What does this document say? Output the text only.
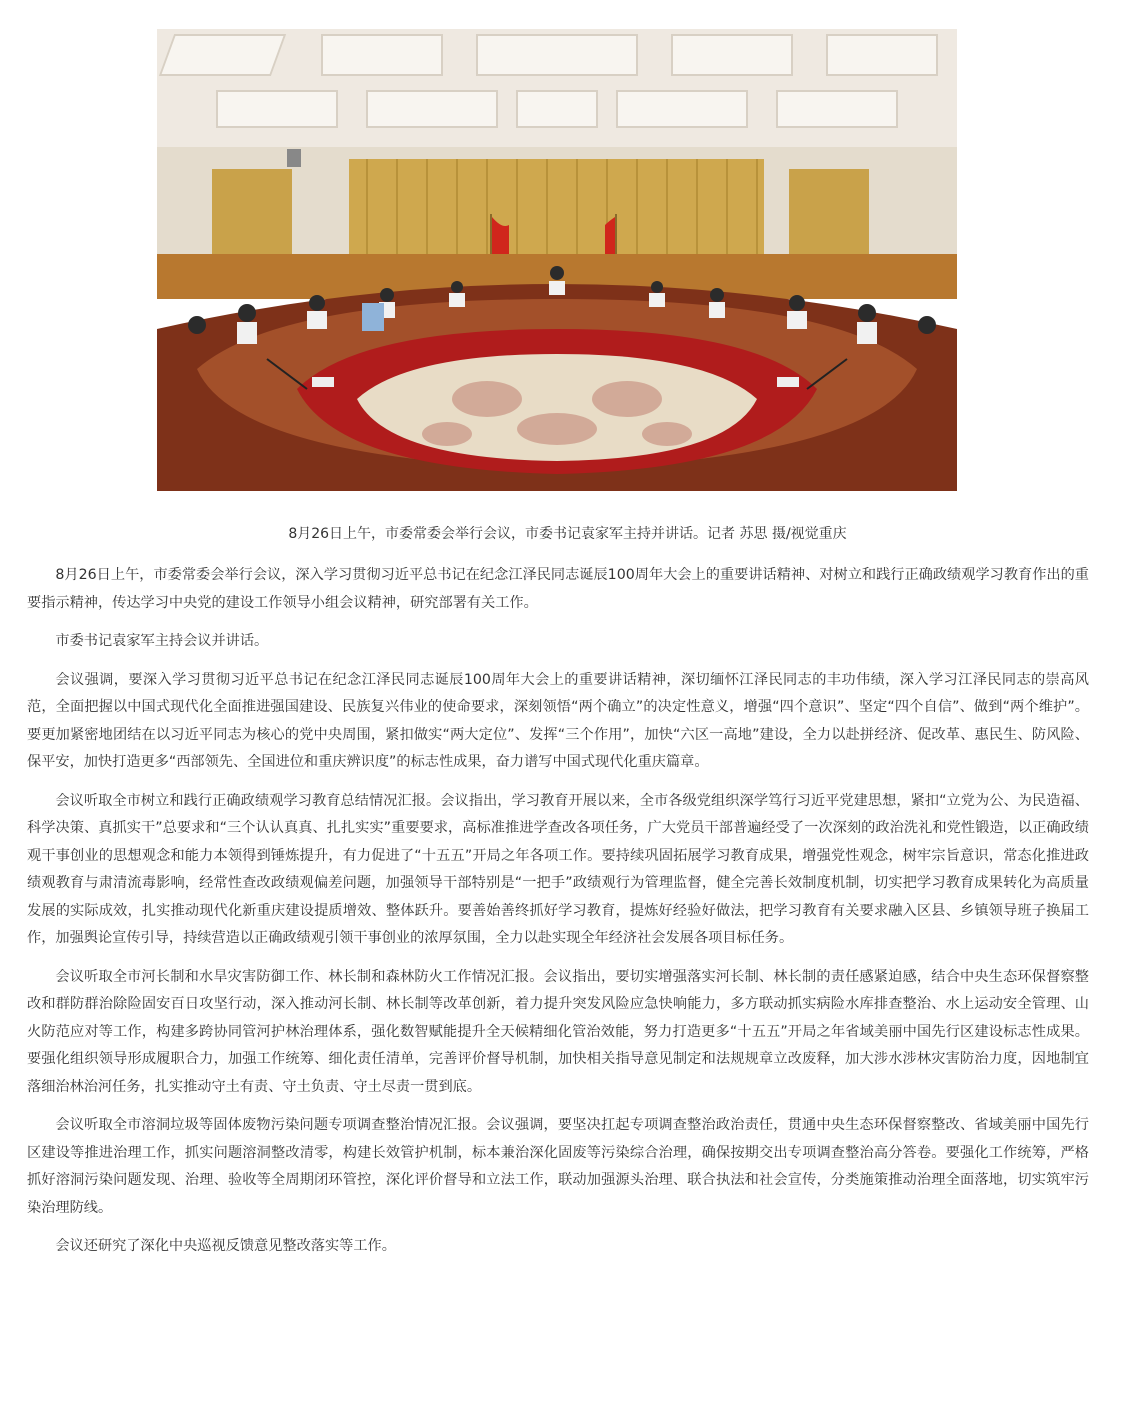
8月26日上午，市委常委会举行会议，市委书记袁家军主持并讲话。记者 苏思 摄/视觉重庆

8月26日上午，市委常委会举行会议，深入学习贯彻习近平总书记在纪念江泽民同志诞辰100周年大会上的重要讲话精神、对树立和践行正确政绩观学习教育作出的重要指示精神，传达学习中央党的建设工作领导小组会议精神，研究部署有关工作。

市委书记袁家军主持会议并讲话。

会议强调，要深入学习贯彻习近平总书记在纪念江泽民同志诞辰100周年大会上的重要讲话精神，深切缅怀江泽民同志的丰功伟绩，深入学习江泽民同志的崇高风范，全面把握以中国式现代化全面推进强国建设、民族复兴伟业的使命要求，深刻领悟“两个确立”的决定性意义，增强“四个意识”、坚定“四个自信”、做到“两个维护”。要更加紧密地团结在以习近平同志为核心的党中央周围，紧扣做实“两大定位”、发挥“三个作用”，加快“六区一高地”建设，全力以赴拼经济、促改革、惠民生、防风险、保平安，加快打造更多“西部领先、全国进位和重庆辨识度”的标志性成果，奋力谱写中国式现代化重庆篇章。

会议听取全市树立和践行正确政绩观学习教育总结情况汇报。会议指出，学习教育开展以来，全市各级党组织深学笃行习近平党建思想，紧扣“立党为公、为民造福、科学决策、真抓实干”总要求和“三个认认真真、扎扎实实”重要要求，高标准推进学查改各项任务，广大党员干部普遍经受了一次深刻的政治洗礼和党性锻造，以正确政绩观干事创业的思想观念和能力本领得到锤炼提升，有力促进了“十五五”开局之年各项工作。要持续巩固拓展学习教育成果，增强党性观念，树牢宗旨意识，常态化推进政绩观教育与肃清流毒影响，经常性查改政绩观偏差问题，加强领导干部特别是“一把手”政绩观行为管理监督，健全完善长效制度机制，切实把学习教育成果转化为高质量发展的实际成效，扎实推动现代化新重庆建设提质增效、整体跃升。要善始善终抓好学习教育，提炼好经验好做法，把学习教育有关要求融入区县、乡镇领导班子换届工作，加强舆论宣传引导，持续营造以正确政绩观引领干事创业的浓厚氛围，全力以赴实现全年经济社会发展各项目标任务。

会议听取全市河长制和水旱灾害防御工作、林长制和森林防火工作情况汇报。会议指出，要切实增强落实河长制、林长制的责任感紧迫感，结合中央生态环保督察整改和群防群治除险固安百日攻坚行动，深入推动河长制、林长制等改革创新，着力提升突发风险应急快响能力，多方联动抓实病险水库排查整治、水上运动安全管理、山火防范应对等工作，构建多跨协同管河护林治理体系，强化数智赋能提升全天候精细化管治效能，努力打造更多“十五五”开局之年省域美丽中国先行区建设标志性成果。要强化组织领导形成履职合力，加强工作统筹、细化责任清单，完善评价督导机制，加快相关指导意见制定和法规规章立改废释，加大涉水涉林灾害防治力度，因地制宜落细治林治河任务，扎实推动守土有责、守土负责、守土尽责一贯到底。

会议听取全市溶洞垃圾等固体废物污染问题专项调查整治情况汇报。会议强调，要坚决扛起专项调查整治政治责任，贯通中央生态环保督察整改、省域美丽中国先行区建设等推进治理工作，抓实问题溶洞整改清零，构建长效管护机制，标本兼治深化固废等污染综合治理，确保按期交出专项调查整治高分答卷。要强化工作统筹，严格抓好溶洞污染问题发现、治理、验收等全周期闭环管控，深化评价督导和立法工作，联动加强源头治理、联合执法和社会宣传，分类施策推动治理全面落地，切实筑牢污染治理防线。

会议还研究了深化中央巡视反馈意见整改落实等工作。
